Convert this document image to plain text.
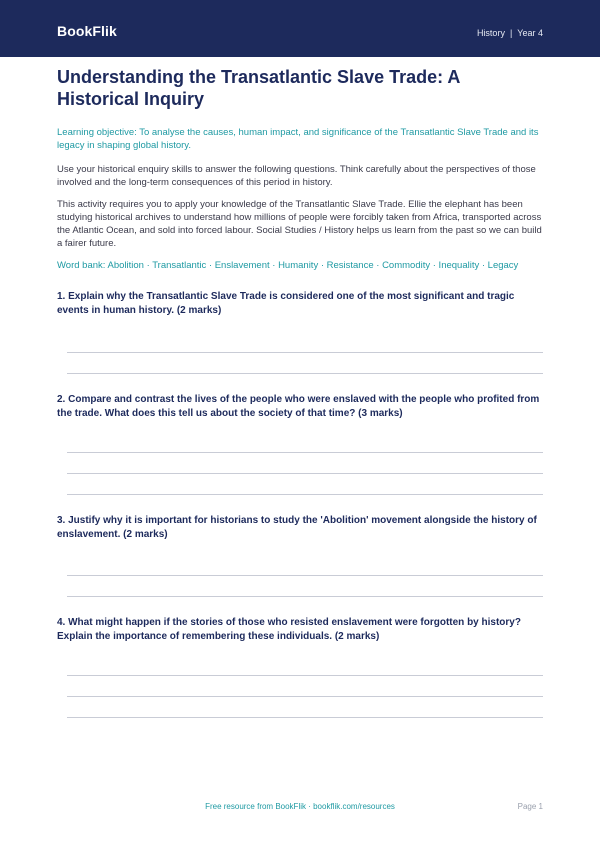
BookFlik	History | Year 4
Understanding the Transatlantic Slave Trade: A Historical Inquiry

Learning objective: To analyse the causes, human impact, and significance of the Transatlantic Slave Trade and its legacy in shaping global history.

Use your historical enquiry skills to answer the following questions. Think carefully about the perspectives of those involved and the long-term consequences of this period in history.

This activity requires you to apply your knowledge of the Transatlantic Slave Trade. Ellie the elephant has been studying historical archives to understand how millions of people were forcibly taken from Africa, transported across the Atlantic Ocean, and sold into forced labour. Social Studies / History helps us learn from the past so we can build a fairer future.

Word bank: Abolition · Transatlantic · Enslavement · Humanity · Resistance · Commodity · Inequality · Legacy

1. Explain why the Transatlantic Slave Trade is considered one of the most significant and tragic events in human history. (2 marks)
2. Compare and contrast the lives of the people who were enslaved with the people who profited from the trade. What does this tell us about the society of that time? (3 marks)
3. Justify why it is important for historians to study the 'Abolition' movement alongside the history of enslavement. (2 marks)
4. What might happen if the stories of those who resisted enslavement were forgotten by history? Explain the importance of remembering these individuals. (2 marks)
Free resource from BookFlik · bookflik.com/resources	Page 1
